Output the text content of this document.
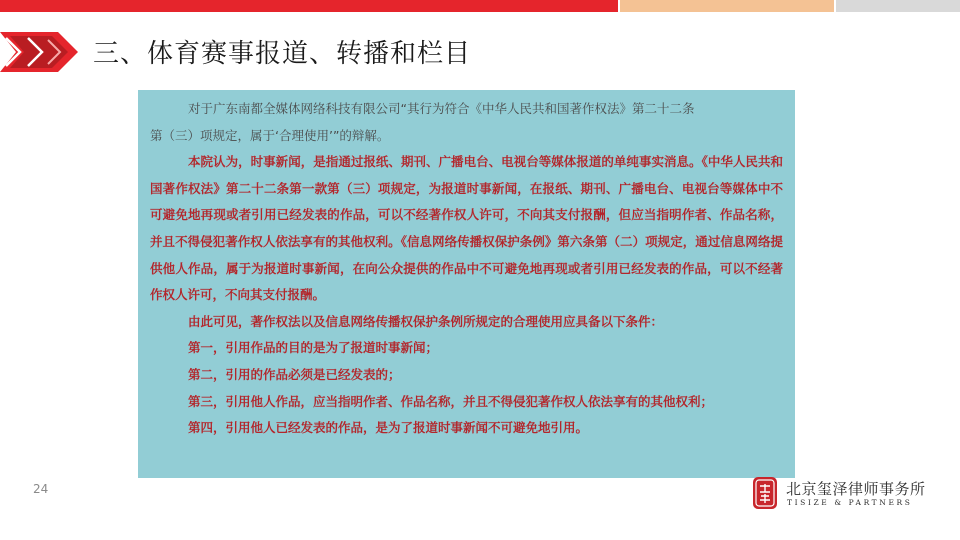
三、体育赛事报道、转播和栏目

对于广东南都全媒体网络科技有限公司“其行为符合《中华人民共和国著作权法》第二十二条

第（三）项规定，属于‘合理使用’”的辩解。

本院认为，时事新闻，是指通过报纸、期刊、广播电台、电视台等媒体报道的单纯事实消息。《中华人民共和国著作权法》第二十二条第一款第（三）项规定，为报道时事新闻，在报纸、期刊、广播电台、电视台等媒体中不可避免地再现或者引用已经发表的作品，可以不经著作权人许可，不向其支付报酬，但应当指明作者、作品名称，并且不得侵犯著作权人依法享有的其他权利。《信息网络传播权保护条例》第六条第（二）项规定，通过信息网络提供他人作品，属于为报道时事新闻，在向公众提供的作品中不可避免地再现或者引用已经发表的作品，可以不经著作权人许可，不向其支付报酬。

由此可见，著作权法以及信息网络传播权保护条例所规定的合理使用应具备以下条件：

第一，引用作品的目的是为了报道时事新闻；

第二，引用的作品必须是已经发表的；

第三，引用他人作品，应当指明作者、作品名称，并且不得侵犯著作权人依法享有的其他权利；

第四，引用他人已经发表的作品，是为了报道时事新闻不可避免地引用。

24	北京玺泽律师事务所
TISIZE & PARTNERS
